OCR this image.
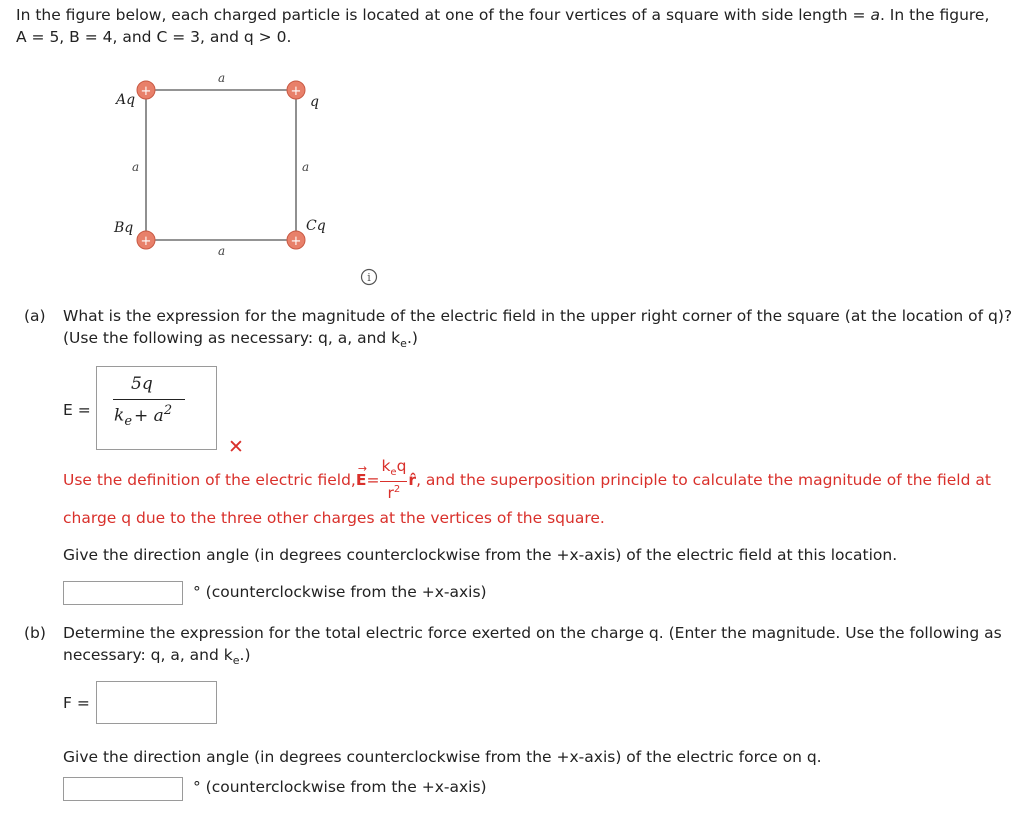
In the figure below, each charged particle is located at one of the four vertices of a square with side length = a. In the figure,
A = 5, B = 4, and C = 3, and q > 0.
+	+
+	+
Aq	q
Bq	Cq
a
a	a
a
i
(a) What is the expression for the magnitude of the electric field in the upper right corner of the square (at the location of q)?
(Use the following as necessary: q, a, and $k_e$.)
E =
5q
$k_e + a^2$
✕
Use the definition of the electric field,
→
E=
$k_eq$
$r^2$
r̂, and the superposition principle to calculate the magnitude of the field at
charge q due to the three other charges at the vertices of the square.
Give the direction angle (in degrees counterclockwise from the +x-axis) of the electric field at this location.
° (counterclockwise from the +x-axis)
(b) Determine the expression for the total electric force exerted on the charge q. (Enter the magnitude. Use the following as
necessary: q, a, and $k_e$.)
F =
Give the direction angle (in degrees counterclockwise from the +x-axis) of the electric force on q.
° (counterclockwise from the +x-axis)
